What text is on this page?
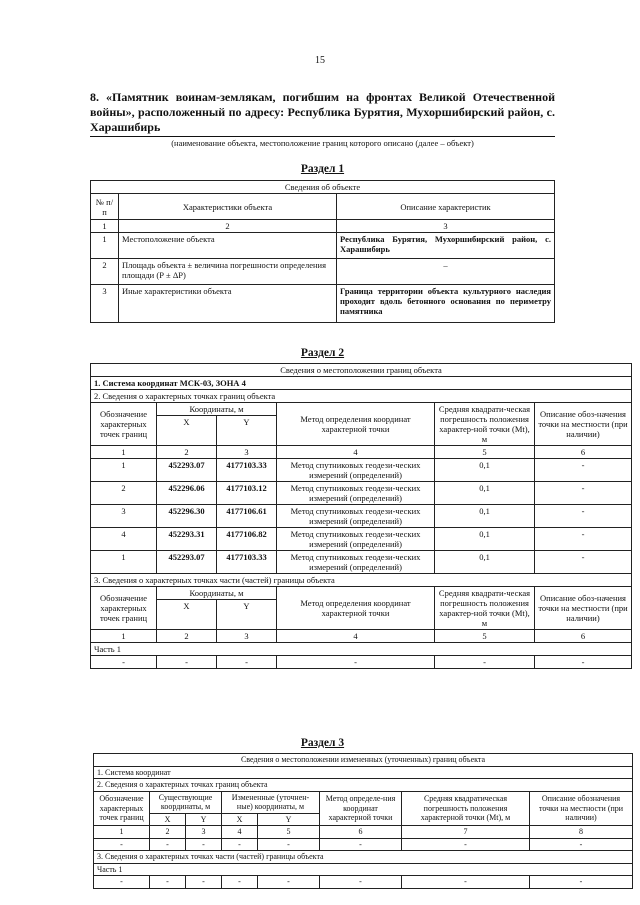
15
8. «Памятник воинам-землякам, погибшим на фронтах Великой Отечественной войны», расположенный по адресу: Республика Бурятия, Мухоршибирский район, с. Харашибирь
(наименование объекта, местоположение границ которого описано (далее – объект)
Раздел 1
Сведения об объекте		
№ п/п	Характеристики объекта	Описание характеристик
1	2	3
1	Местоположение объекта	Республика Бурятия, Мухоршибирский район, с. Харашибирь
2	Площадь объекта ± величина погрешности определения площади (Р ± ΔР)	–
3	Иные характеристики объекта	Граница территории объекта культурного наследия проходит вдоль бетонного основания по периметру памятника
Раздел 2
Сведения о местоположении границ объекта					
1. Система координат МСК-03, ЗОНА 4					
2. Сведения о характерных точках границ объекта					
Обозначение характерных точек границ	Координаты, м		Метод определения координат характерной точки	Средняя квадрати-ческая погрешность положения характер-ной точки (Mt), м	Описание обоз-начения точки на местности (при наличии)
	X	Y			
1	2	3	4	5	6
1	452293.07	4177103.33	Метод спутниковых геодези-ческих измерений (определений)	0,1	-
2	452296.06	4177103.12	Метод спутниковых геодези-ческих измерений (определений)	0,1	-
3	452296.30	4177106.61	Метод спутниковых геодези-ческих измерений (определений)	0,1	-
4	452293.31	4177106.82	Метод спутниковых геодези-ческих измерений (определений)	0,1	-
1	452293.07	4177103.33	Метод спутниковых геодези-ческих измерений (определений)	0,1	-
3. Сведения о характерных точках части (частей) границы объекта					
Обозначение характерных точек границ	Координаты, м		Метод определения координат характерной точки	Средняя квадрати-ческая погрешность положения характер-ной точки (Mt), м	Описание обоз-начения точки на местности (при наличии)
	X	Y			
1	2	3	4	5	6
Часть 1					
-	-	-	-	-	-
Раздел 3
Сведения о местоположении измененных (уточненных) границ объекта							
1. Система координат							
2. Сведения о характерных точках границ объекта							
Обозначение характерных точек границ	Существующие координаты, м		Измененные (уточнен-ные) координаты, м		Метод определе-ния координат характерной точки	Средняя квадратическая погрешность положения характерной точки (Mt), м	Описание обозначения точки на местности (при наличии)
	X	Y	X	Y			
1	2	3	4	5	6	7	8
-	-	-	-	-	-	-	-
3. Сведения о характерных точках части (частей) границы объекта							
Часть 1							
-	-	-	-	-	-	-	-
